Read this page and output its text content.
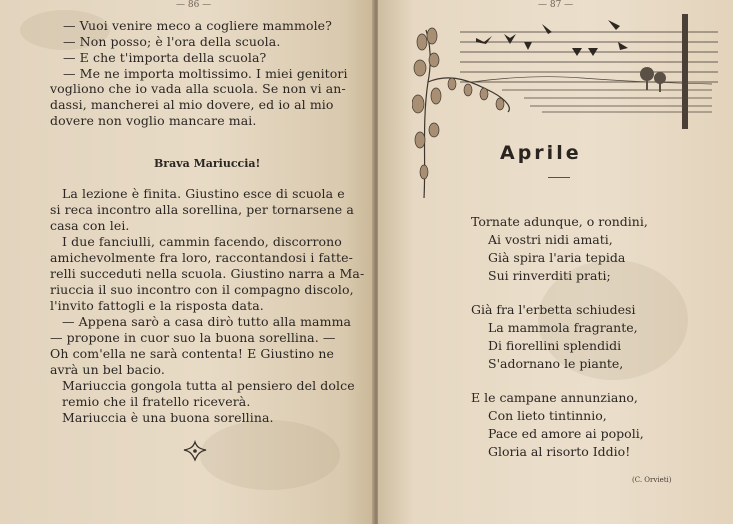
— 86 —
— Vuoi venire meco a cogliere mammole?
— Non posso; è l'ora della scuola.
— E che t'importa della scuola?
— Me ne importa moltissimo. I miei genitori
vogliono che io vada alla scuola. Se non vi an-
dassi, mancherei al mio dovere, ed io al mio
dovere non voglio mancare mai.
Brava Mariuccia!
La lezione è finita. Giustino esce di scuola e
si reca incontro alla sorellina, per tornarsene a
casa con lei.
I due fanciulli, cammin facendo, discorrono
amichevolmente fra loro, raccontandosi i fatte-
relli succeduti nella scuola. Giustino narra a Ma-
riuccia il suo incontro con il compagno discolo,
l'invito fattogli e la risposta data.
— Appena sarò a casa dirò tutto alla mamma
— propone in cuor suo la buona sorellina. —
Oh com'ella ne sarà contenta! E Giustino ne
avrà un bel bacio.
Mariuccia gongola tutta al pensiero del dolce
remio che il fratello riceverà.
Mariuccia è una buona sorellina.
— 87 —
Aprile
Tornate adunque, o rondini,
Ai vostri nidi amati,
Già spira l'aria tepida
Sui rinverditi prati;
Già fra l'erbetta schiudesi
La mammola fragrante,
Di fiorellini splendidi
S'adornano le piante,
E le campane annunziano,
Con lieto tintinnio,
Pace ed amore ai popoli,
Gloria al risorto Iddio!
(C. Orvieti)
